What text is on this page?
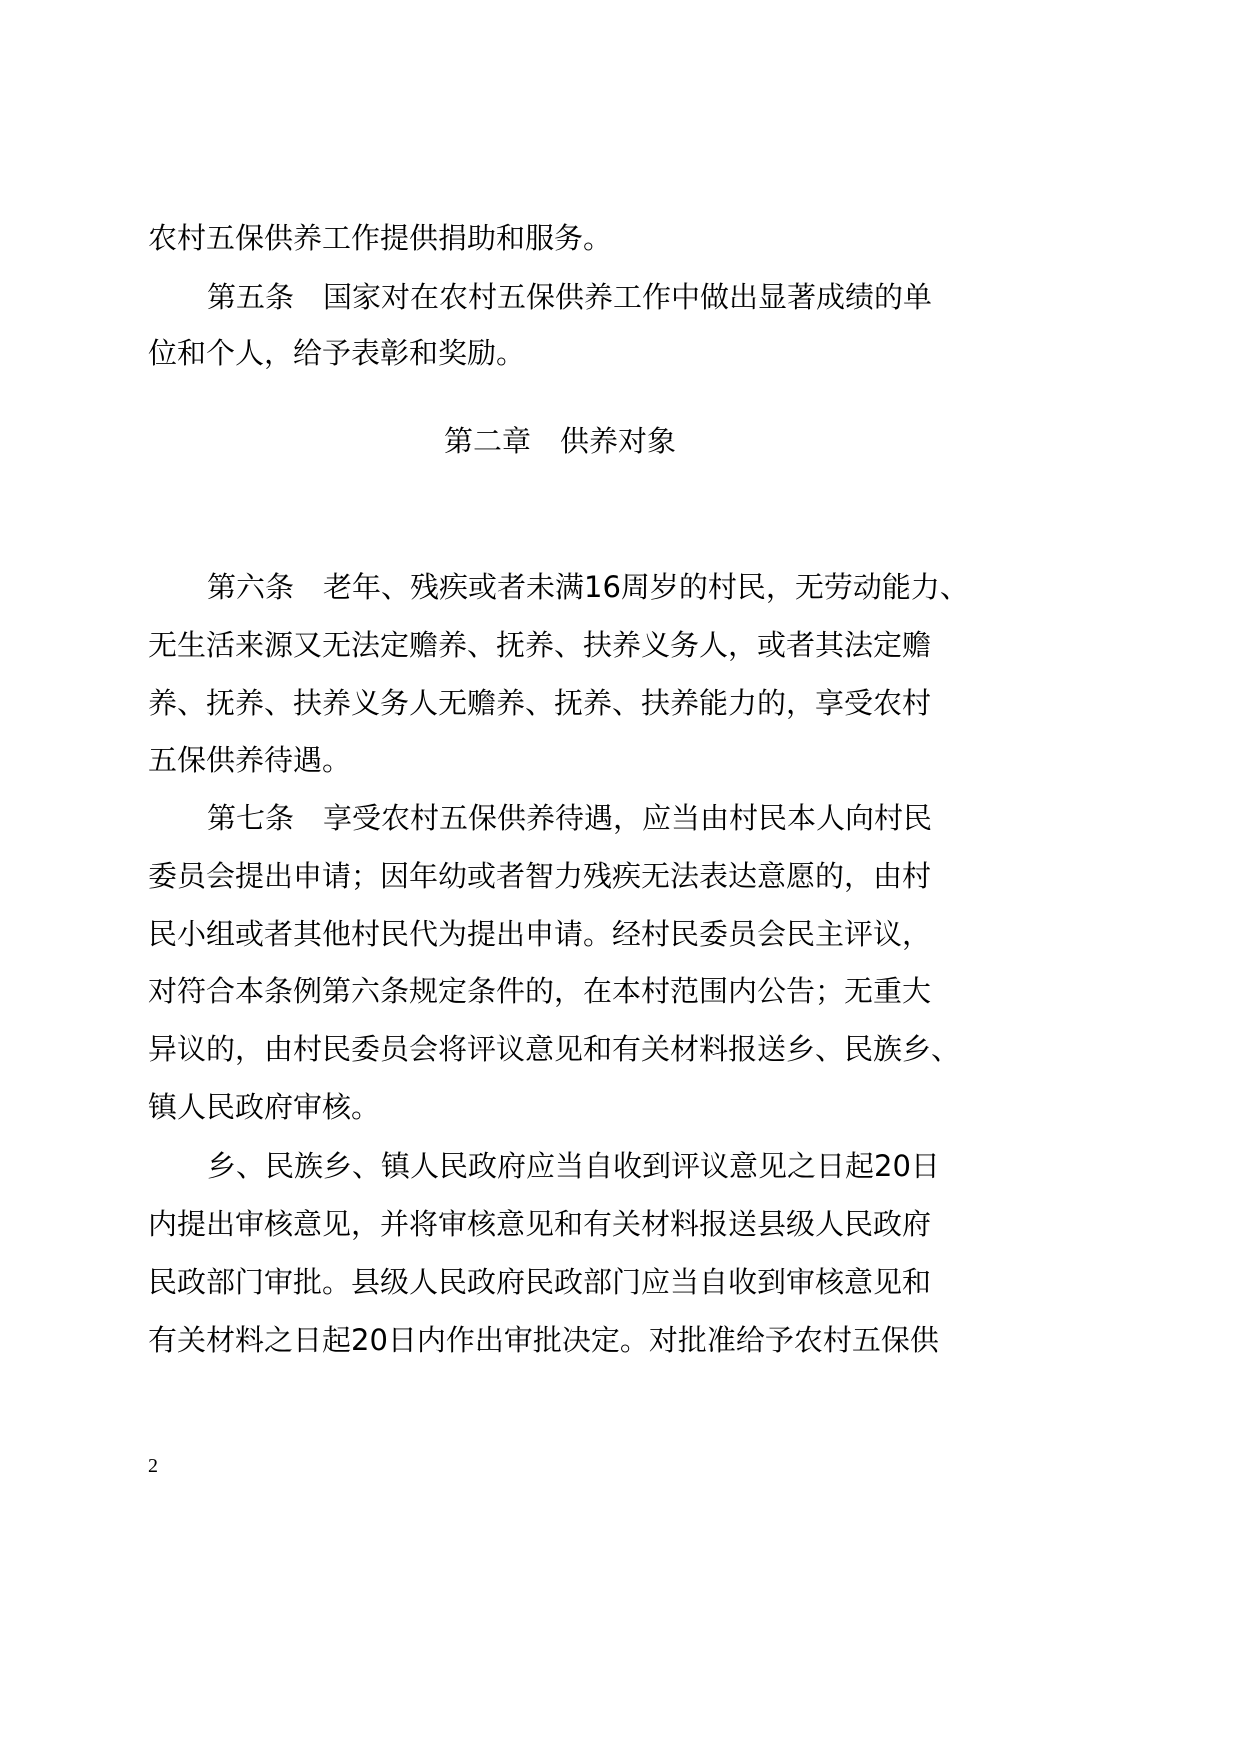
农村五保供养工作提供捐助和服务。
第五条　国家对在农村五保供养工作中做出显著成绩的单
位和个人，给予表彰和奖励。
第二章　供养对象
第六条　老年、残疾或者未满16周岁的村民，无劳动能力、
无生活来源又无法定赡养、抚养、扶养义务人，或者其法定赡
养、抚养、扶养义务人无赡养、抚养、扶养能力的，享受农村
五保供养待遇。
第七条　享受农村五保供养待遇，应当由村民本人向村民
委员会提出申请；因年幼或者智力残疾无法表达意愿的，由村
民小组或者其他村民代为提出申请。经村民委员会民主评议，
对符合本条例第六条规定条件的，在本村范围内公告；无重大
异议的，由村民委员会将评议意见和有关材料报送乡、民族乡、
镇人民政府审核。
乡、民族乡、镇人民政府应当自收到评议意见之日起20日
内提出审核意见，并将审核意见和有关材料报送县级人民政府
民政部门审批。县级人民政府民政部门应当自收到审核意见和
有关材料之日起20日内作出审批决定。对批准给予农村五保供
2
